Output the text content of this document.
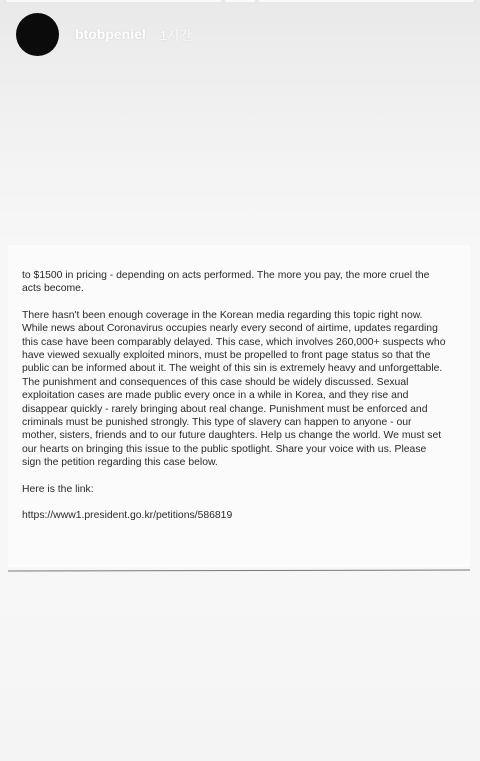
btobpeniel 1시간

to $1500 in pricing - depending on acts performed. The more you pay, the more cruel the acts become.

There hasn't been enough coverage in the Korean media regarding this topic right now. While news about Coronavirus occupies nearly every second of airtime, updates regarding this case have been comparably delayed. This case, which involves 260,000+ suspects who have viewed sexually exploited minors, must be propelled to front page status so that the public can be informed about it. The weight of this sin is extremely heavy and unforgettable. The punishment and consequences of this case should be widely discussed. Sexual exploitation cases are made public every once in a while in Korea, and they rise and disappear quickly - rarely bringing about real change. Punishment must be enforced and criminals must be punished strongly. This type of slavery can happen to anyone - our mother, sisters, friends and to our future daughters. Help us change the world. We must set our hearts on bringing this issue to the public spotlight. Share your voice with us. Please sign the petition regarding this case below.

Here is the link:

https://www1.president.go.kr/petitions/586819
